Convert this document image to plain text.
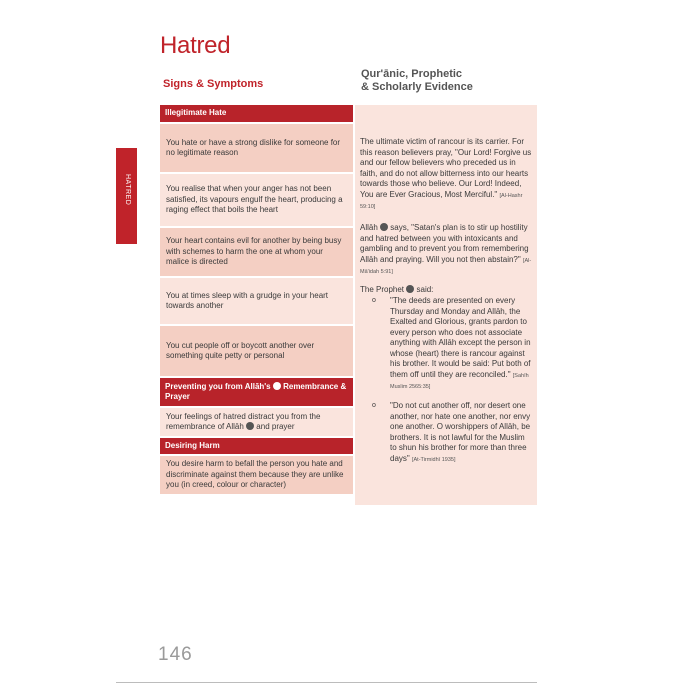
Hatred
HATRED
Signs & Symptoms
Qur'ānic, Prophetic
& Scholarly Evidence
Illegitimate Hate
You hate or have a strong dislike for someone for no legitimate reason
You realise that when your anger has not been satisfied, its vapours engulf the heart, producing a raging effect that boils the heart
Your heart contains evil for another by being busy with schemes to harm the one at whom your malice is directed
You at times sleep with a grudge in your heart towards another
You cut people off or boycott another over something quite petty or personal
Preventing you from Allāh's Remembrance & Prayer
Your feelings of hatred distract you from the remembrance of Allāh and prayer
Desiring Harm
You desire harm to befall the person you hate and discriminate against them because they are unlike you (in creed, colour or character)
The ultimate victim of rancour is its carrier. For this reason believers pray, "Our Lord! Forgive us and our fellow believers who preceded us in faith, and do not allow bitterness into our hearts towards those who believe. Our Lord! Indeed, You are Ever Gracious, Most Merciful." [Al-Hashr 59:10]
Allāh says, "Satan's plan is to stir up hostility and hatred between you with intoxicants and gambling and to prevent you from remembering Allāh and praying. Will you not then abstain?" [Al-Mā'idah 5:91]
The Prophet said:
o "The deeds are presented on every Thursday and Monday and Allāh, the Exalted and Glorious, grants pardon to every person who does not associate anything with Allāh except the person in whose (heart) there is rancour against his brother. It would be said: Put both of them off until they are reconciled." [Sahīh Muslim 2565:35]
o "Do not cut another off, nor desert one another, nor hate one another, nor envy one another. O worshippers of Allāh, be brothers. It is not lawful for the Muslim to shun his brother for more than three days" [At-Tirmidhī 1935]
146
